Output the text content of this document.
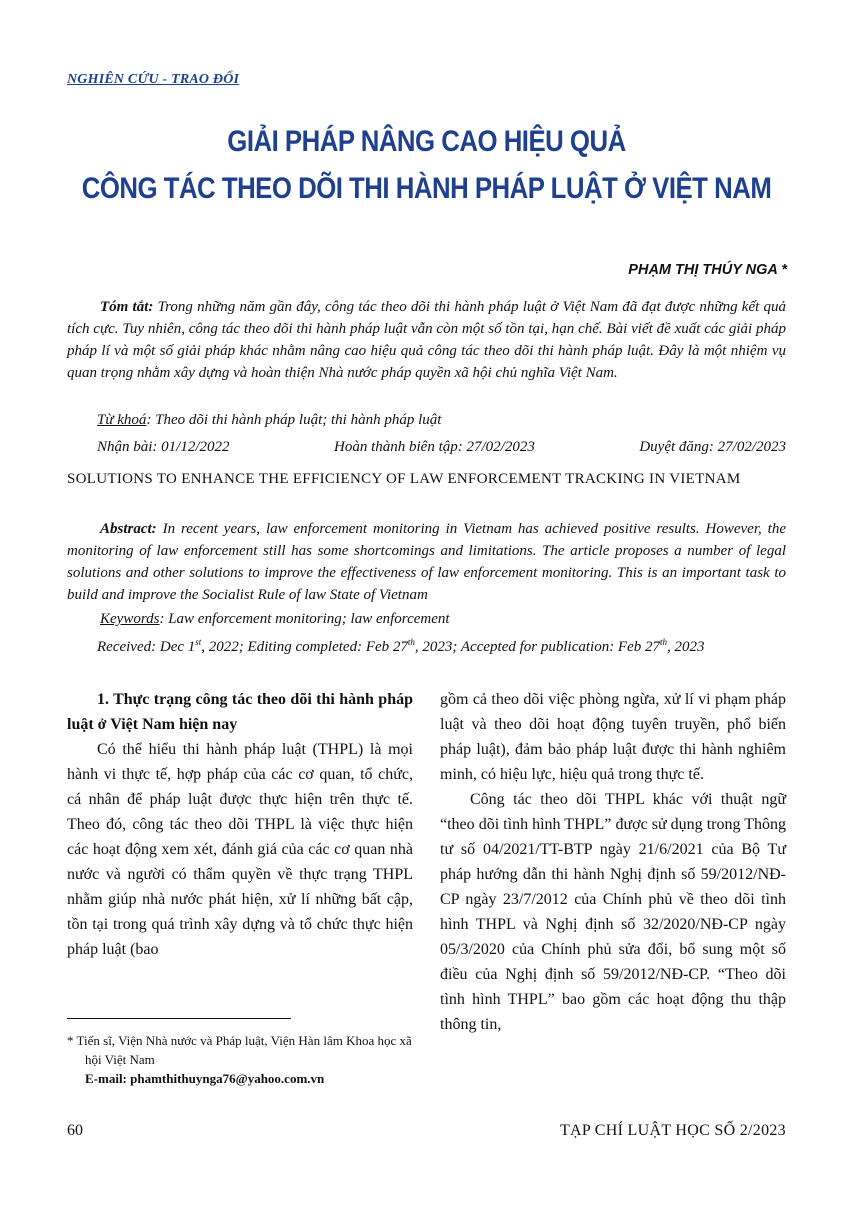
NGHIÊN CỨU - TRAO ĐỔI
GIẢI PHÁP NÂNG CAO HIỆU QUẢ
CÔNG TÁC THEO DÕI THI HÀNH PHÁP LUẬT Ở VIỆT NAM
PHẠM THỊ THÚY NGA *
Tóm tắt: Trong những năm gần đây, công tác theo dõi thi hành pháp luật ở Việt Nam đã đạt được những kết quả tích cực. Tuy nhiên, công tác theo dõi thi hành pháp luật vẫn còn một số tồn tại, hạn chế. Bài viết đề xuất các giải pháp pháp lí và một số giải pháp khác nhằm nâng cao hiệu quả công tác theo dõi thi hành pháp luật. Đây là một nhiệm vụ quan trọng nhằm xây dựng và hoàn thiện Nhà nước pháp quyền xã hội chủ nghĩa Việt Nam.
Từ khoá: Theo dõi thi hành pháp luật; thi hành pháp luật
Nhận bài: 01/12/2022	Hoàn thành biên tập: 27/02/2023	Duyệt đăng: 27/02/2023
SOLUTIONS TO ENHANCE THE EFFICIENCY OF LAW ENFORCEMENT TRACKING IN VIETNAM
Abstract: In recent years, law enforcement monitoring in Vietnam has achieved positive results. However, the monitoring of law enforcement still has some shortcomings and limitations. The article proposes a number of legal solutions and other solutions to improve the effectiveness of law enforcement monitoring. This is an important task to build and improve the Socialist Rule of law State of Vietnam
Keywords: Law enforcement monitoring; law enforcement
Received: Dec 1st, 2022; Editing completed: Feb 27th, 2023; Accepted for publication: Feb 27th, 2023

1. Thực trạng công tác theo dõi thi hành pháp luật ở Việt Nam hiện nay

Có thể hiểu thi hành pháp luật (THPL) là mọi hành vi thực tế, hợp pháp của các cơ quan, tổ chức, cá nhân để pháp luật được thực hiện trên thực tế. Theo đó, công tác theo dõi THPL là việc thực hiện các hoạt động xem xét, đánh giá của các cơ quan nhà nước và người có thẩm quyền về thực trạng THPL nhằm giúp nhà nước phát hiện, xử lí những bất cập, tồn tại trong quá trình xây dựng và tổ chức thực hiện pháp luật (bao

gồm cả theo dõi việc phòng ngừa, xử lí vi phạm pháp luật và theo dõi hoạt động tuyên truyền, phổ biến pháp luật), đảm bảo pháp luật được thi hành nghiêm minh, có hiệu lực, hiệu quả trong thực tế.

Công tác theo dõi THPL khác với thuật ngữ “theo dõi tình hình THPL” được sử dụng trong Thông tư số 04/2021/TT-BTP ngày 21/6/2021 của Bộ Tư pháp hướng dẫn thi hành Nghị định số 59/2012/NĐ-CP ngày 23/7/2012 của Chính phủ về theo dõi tình hình THPL và Nghị định số 32/2020/NĐ-CP ngày 05/3/2020 của Chính phủ sửa đổi, bổ sung một số điều của Nghị định số 59/2012/NĐ-CP. “Theo dõi tình hình THPL” bao gồm các hoạt động thu thập thông tin,

* Tiến sĩ, Viện Nhà nước và Pháp luật, Viện Hàn lâm Khoa học xã hội Việt Nam
E-mail: phamthithuynga76@yahoo.com.vn
60	TẠP CHÍ LUẬT HỌC SỐ 2/2023
